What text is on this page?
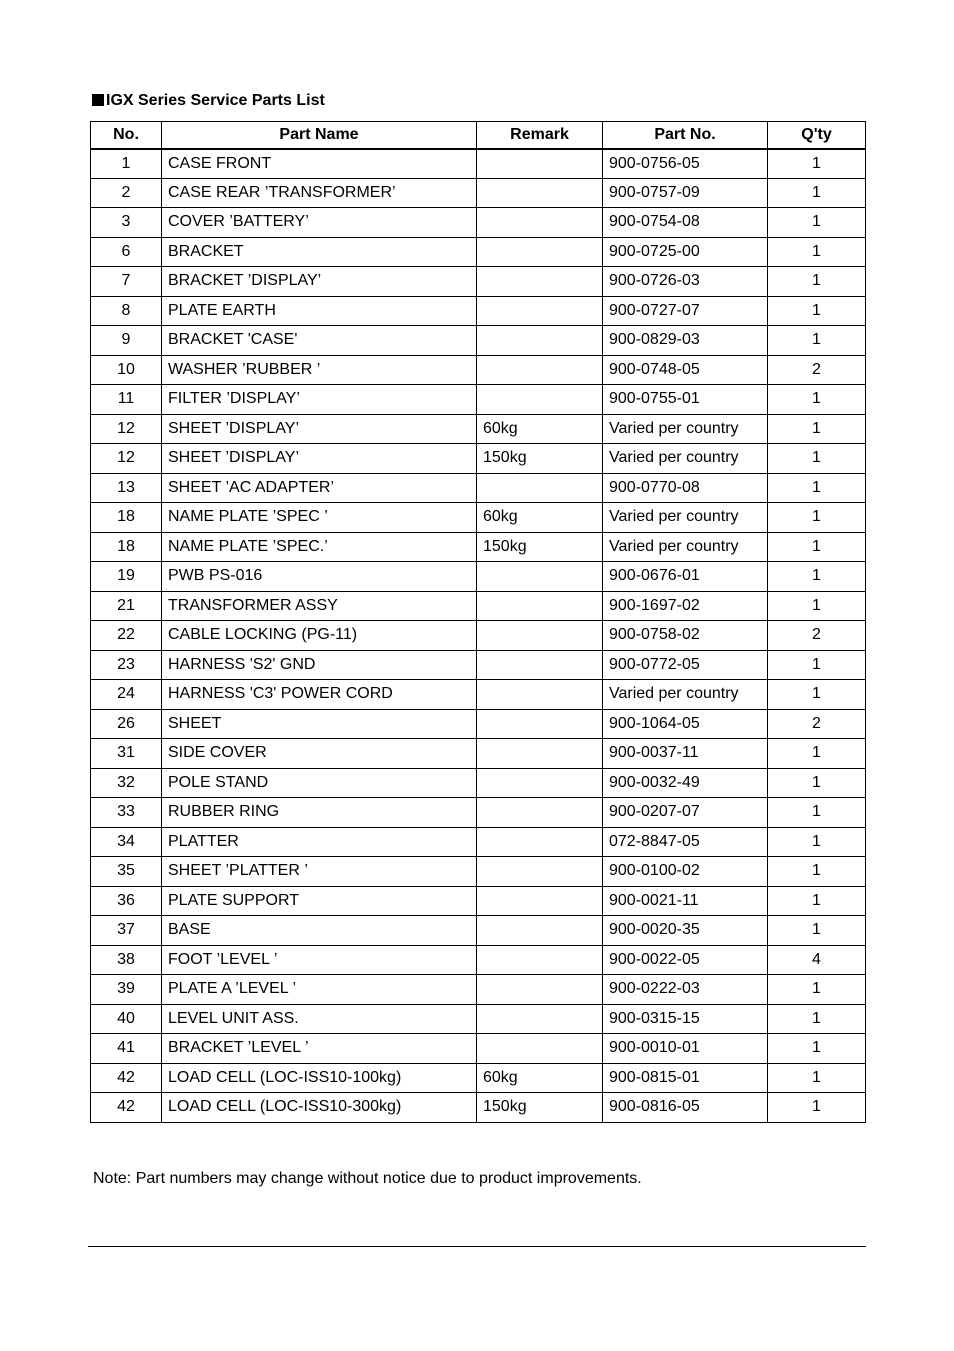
IGX Series Service Parts List
No.	Part Name	Remark	Part No.	Q'ty
1	CASE FRONT		900-0756-05	1
2	CASE REAR ’TRANSFORMER’		900-0757-09	1
3	COVER ’BATTERY’		900-0754-08	1
6	BRACKET		900-0725-00	1
7	BRACKET ’DISPLAY’		900-0726-03	1
8	PLATE EARTH		900-0727-07	1
9	BRACKET 'CASE'		900-0829-03	1
10	WASHER ’RUBBER ’		900-0748-05	2
11	FILTER ’DISPLAY’		900-0755-01	1
12	SHEET ’DISPLAY’	60kg	Varied per country	1
12	SHEET ’DISPLAY’	150kg	Varied per country	1
13	SHEET ’AC ADAPTER’		900-0770-08	1
18	NAME PLATE ’SPEC ’	60kg	Varied per country	1
18	NAME PLATE ’SPEC.’	150kg	Varied per country	1
19	PWB PS-016		900-0676-01	1
21	TRANSFORMER ASSY		900-1697-02	1
22	CABLE LOCKING (PG-11)		900-0758-02	2
23	HARNESS 'S2' GND		900-0772-05	1
24	HARNESS 'C3' POWER CORD		Varied per country	1
26	SHEET		900-1064-05	2
31	SIDE COVER		900-0037-11	1
32	POLE STAND		900-0032-49	1
33	RUBBER RING		900-0207-07	1
34	PLATTER		072-8847-05	1
35	SHEET ’PLATTER ’		900-0100-02	1
36	PLATE SUPPORT		900-0021-11	1
37	BASE		900-0020-35	1
38	FOOT ’LEVEL ’		900-0022-05	4
39	PLATE A ’LEVEL ’		900-0222-03	1
40	LEVEL UNIT ASS.		900-0315-15	1
41	BRACKET ’LEVEL ’		900-0010-01	1
42	LOAD CELL (LOC-ISS10-100kg)	60kg	900-0815-01	1
42	LOAD CELL (LOC-ISS10-300kg)	150kg	900-0816-05	1
Note: Part numbers may change without notice due to product improvements.
